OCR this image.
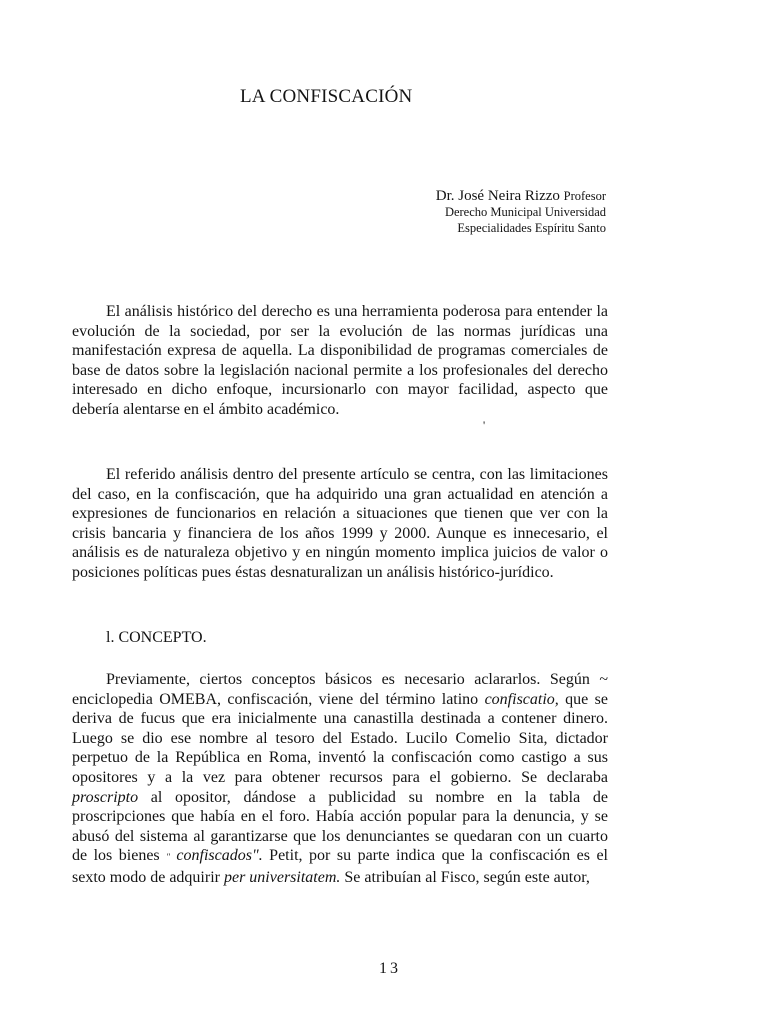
LA CONFISCACIÓN
Dr. José Neira Rizzo Profesor
Derecho Municipal Universidad
Especialidades Espíritu Santo

El análisis histórico del derecho es una herramienta poderosa para entender la evolución de la sociedad, por ser la evolución de las normas jurídicas una manifestación expresa de aquella. La disponibilidad de programas comerciales de base de datos sobre la legislación nacional permite a los profesionales del derecho interesado en dicho enfoque, incursionarlo con mayor facilidad, aspecto que debería alentarse en el ámbito académico.

'

El referido análisis dentro del presente artículo se centra, con las limitaciones del caso, en la confiscación, que ha adquirido una gran actualidad en atención a expresiones de funcionarios en relación a situaciones que tienen que ver con la crisis bancaria y financiera de los años 1999 y 2000. Aunque es innecesario, el análisis es de naturaleza objetivo y en ningún momento implica juicios de valor o posiciones políticas pues éstas desnaturalizan un análisis histórico-jurídico.

l. CONCEPTO.

Previamente, ciertos conceptos básicos es necesario aclararlos. Según ~ enciclopedia OMEBA, confiscación, viene del término latino confiscatio, que se deriva de fucus que era inicialmente una canastilla destinada a contener dinero. Luego se dio ese nombre al tesoro del Estado. Lucilo Comelio Sita, dictador perpetuo de la República en Roma, inventó la confiscación como castigo a sus opositores y a la vez para obtener recursos para el gobierno. Se declaraba proscripto al opositor, dándose a publicidad su nombre en la tabla de proscripciones que había en el foro. Había acción popular para la denuncia, y se abusó del sistema al garantizarse que los denunciantes se quedaran con un cuarto de los bienes " confiscados". Petit, por su parte indica que la confiscación es el sexto modo de adquirir per universitatem. Se atribuían al Fisco, según este autor,

13
